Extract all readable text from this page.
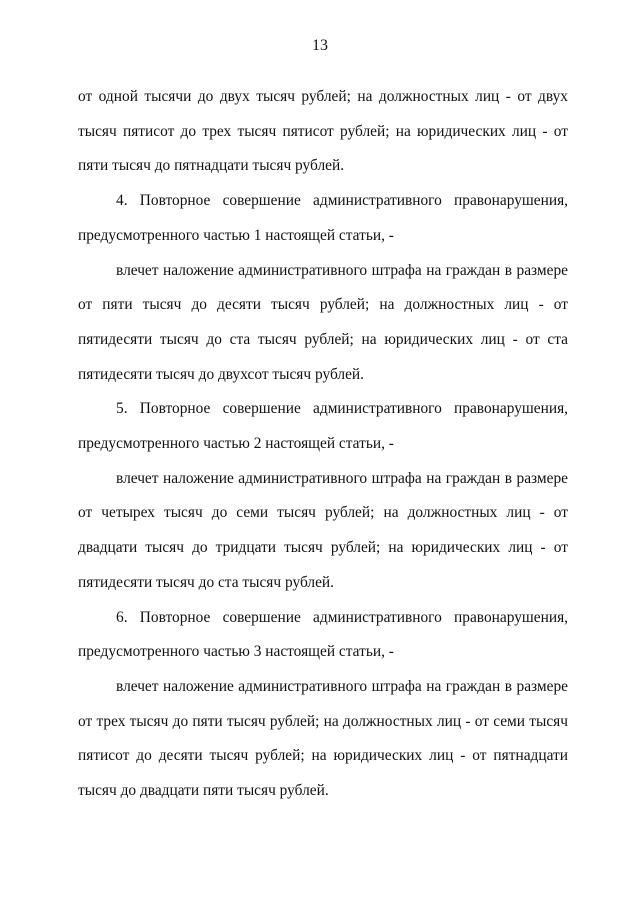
13

от одной тысячи до двух тысяч рублей; на должностных лиц - от двух тысяч пятисот до трех тысяч пятисот рублей; на юридических лиц - от пяти тысяч до пятнадцати тысяч рублей.

4. Повторное совершение административного правонарушения, предусмотренного частью 1 настоящей статьи, -

влечет наложение административного штрафа на граждан в размере от пяти тысяч до десяти тысяч рублей; на должностных лиц - от пятидесяти тысяч до ста тысяч рублей; на юридических лиц - от ста пятидесяти тысяч до двухсот тысяч рублей.

5. Повторное совершение административного правонарушения, предусмотренного частью 2 настоящей статьи, -

влечет наложение административного штрафа на граждан в размере от четырех тысяч до семи тысяч рублей; на должностных лиц - от двадцати тысяч до тридцати тысяч рублей; на юридических лиц - от пятидесяти тысяч до ста тысяч рублей.

6. Повторное совершение административного правонарушения, предусмотренного частью 3 настоящей статьи, -

влечет наложение административного штрафа на граждан в размере от трех тысяч до пяти тысяч рублей; на должностных лиц - от семи тысяч пятисот до десяти тысяч рублей; на юридических лиц - от пятнадцати тысяч до двадцати пяти тысяч рублей.
